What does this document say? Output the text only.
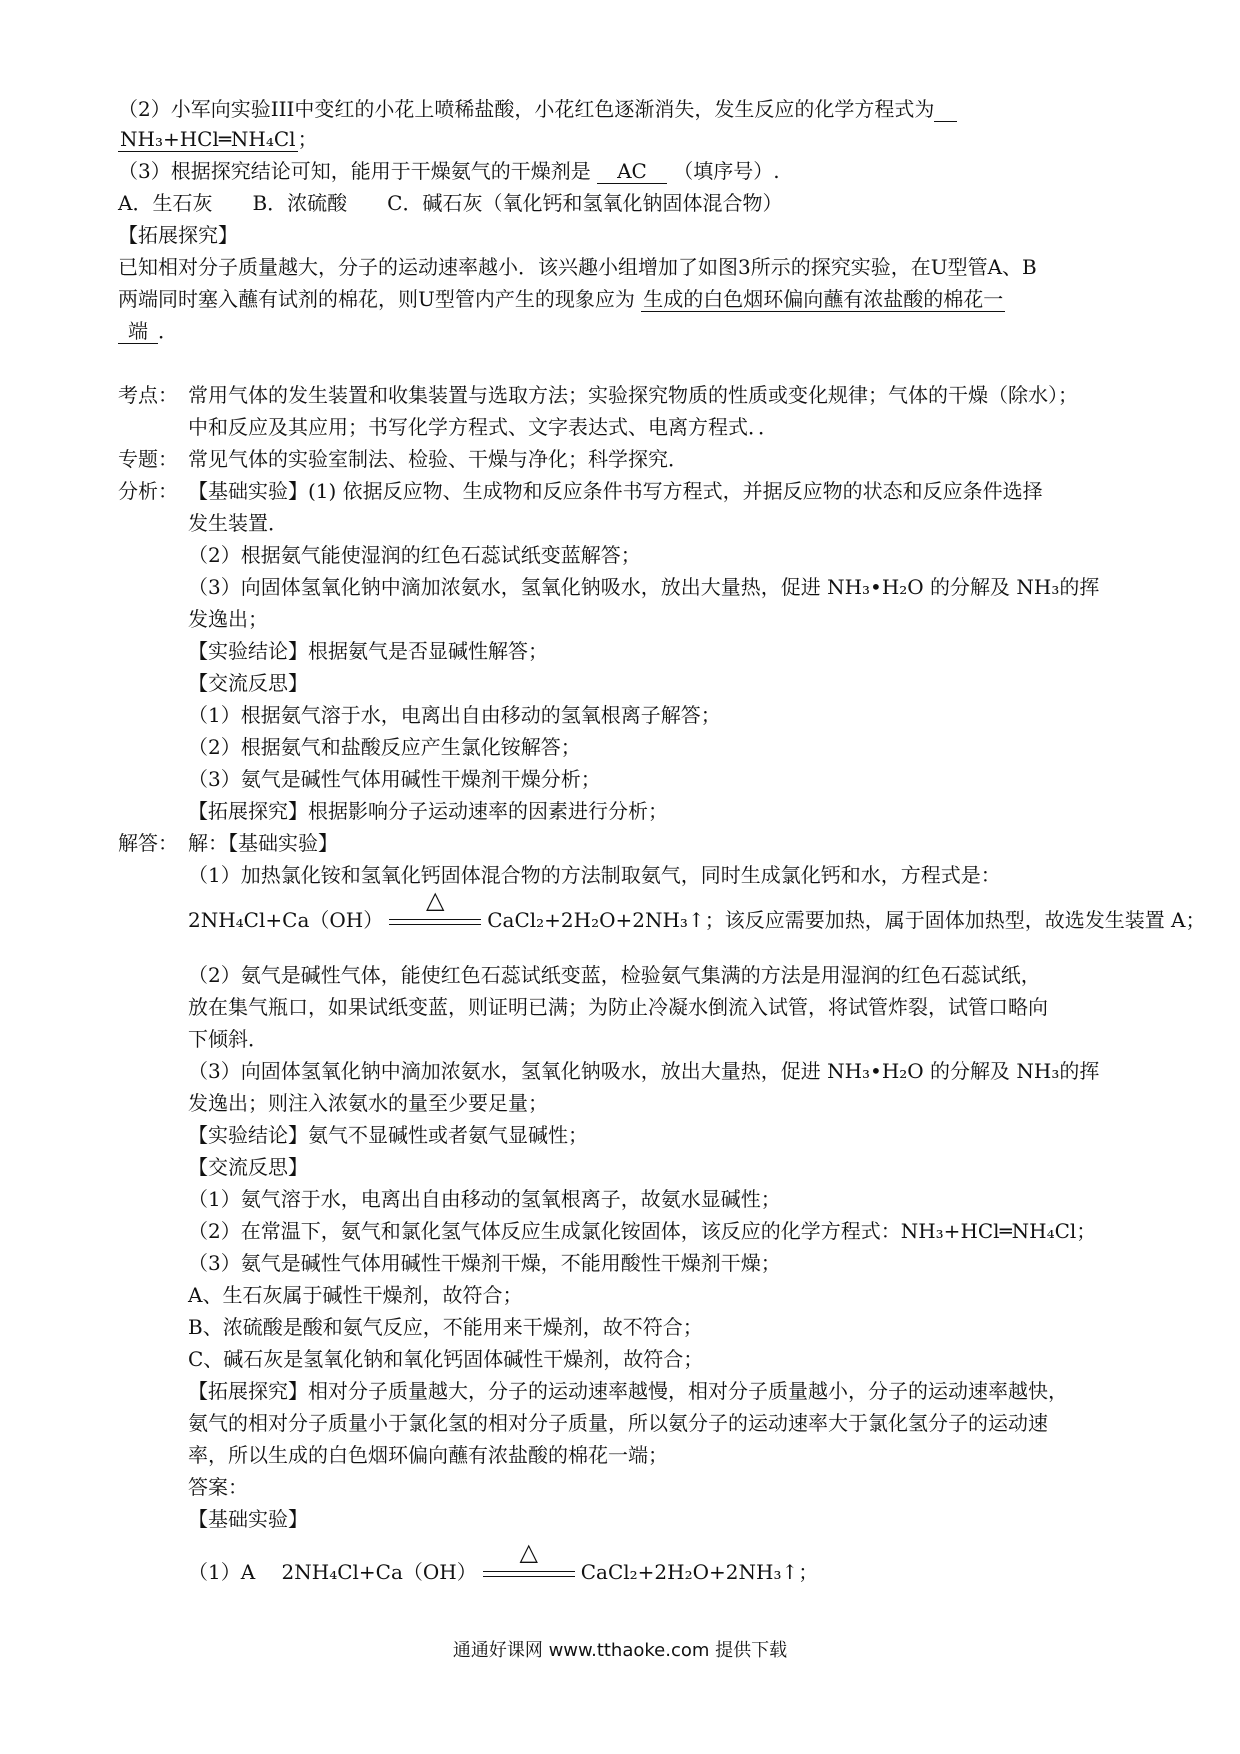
（2）小军向实验III中变红的小花上喷稀盐酸，小花红色逐渐消失，发生反应的化学方程式为
NH₃+HCl═NH₄Cl ；
（3）根据探究结论可知，能用于干燥氨气的干燥剂是 AC （填序号）.
A．生石灰　　B．浓硫酸　　C．碱石灰（氧化钙和氢氧化钠固体混合物）
【拓展探究】
已知相对分子质量越大，分子的运动速率越小．该兴趣小组增加了如图3所示的探究实验，在U型管A、B
两端同时塞入蘸有试剂的棉花，则U型管内产生的现象应为 生成的白色烟环偏向蘸有浓盐酸的棉花一
端 ．
考点： 常用气体的发生装置和收集装置与选取方法；实验探究物质的性质或变化规律；气体的干燥（除水）；
中和反应及其应用；书写化学方程式、文字表达式、电离方程式．．
专题： 常见气体的实验室制法、检验、干燥与净化；科学探究．
分析： 【基础实验】(1) 依据反应物、生成物和反应条件书写方程式，并据反应物的状态和反应条件选择
发生装置．
（2）根据氨气能使湿润的红色石蕊试纸变蓝解答；
（3）向固体氢氧化钠中滴加浓氨水，氢氧化钠吸水，放出大量热，促进 NH₃•H₂O 的分解及 NH₃的挥
发逸出；
【实验结论】根据氨气是否显碱性解答；
【交流反思】
（1）根据氨气溶于水，电离出自由移动的氢氧根离子解答；
（2）根据氨气和盐酸反应产生氯化铵解答；
（3）氨气是碱性气体用碱性干燥剂干燥分析；
【拓展探究】根据影响分子运动速率的因素进行分析；
解答： 解：【基础实验】
（1）加热氯化铵和氢氧化钙固体混合物的方法制取氨气，同时生成氯化钙和水，方程式是：
2NH₄Cl+Ca（OH）
△
CaCl₂+2H₂O+2NH₃↑；该反应需要加热，属于固体加热型，故选发生装置 A；
（2）氨气是碱性气体，能使红色石蕊试纸变蓝，检验氨气集满的方法是用湿润的红色石蕊试纸，
放在集气瓶口，如果试纸变蓝，则证明已满；为防止冷凝水倒流入试管，将试管炸裂，试管口略向
下倾斜．
（3）向固体氢氧化钠中滴加浓氨水，氢氧化钠吸水，放出大量热，促进 NH₃•H₂O 的分解及 NH₃的挥
发逸出；则注入浓氨水的量至少要足量；
【实验结论】氨气不显碱性或者氨气显碱性；
【交流反思】
（1）氨气溶于水，电离出自由移动的氢氧根离子，故氨水显碱性；
（2）在常温下，氨气和氯化氢气体反应生成氯化铵固体，该反应的化学方程式：NH₃+HCl═NH₄Cl；
（3）氨气是碱性气体用碱性干燥剂干燥，不能用酸性干燥剂干燥；
A、生石灰属于碱性干燥剂，故符合；
B、浓硫酸是酸和氨气反应，不能用来干燥剂，故不符合；
C、碱石灰是氢氧化钠和氧化钙固体碱性干燥剂，故符合；
【拓展探究】相对分子质量越大，分子的运动速率越慢，相对分子质量越小，分子的运动速率越快，
氨气的相对分子质量小于氯化氢的相对分子质量，所以氨分子的运动速率大于氯化氢分子的运动速
率，所以生成的白色烟环偏向蘸有浓盐酸的棉花一端；
答案：
【基础实验】
（1）A　 2NH₄Cl+Ca（OH）
△
CaCl₂+2H₂O+2NH₃↑；
通通好课网 www.tthaoke.com 提供下载
